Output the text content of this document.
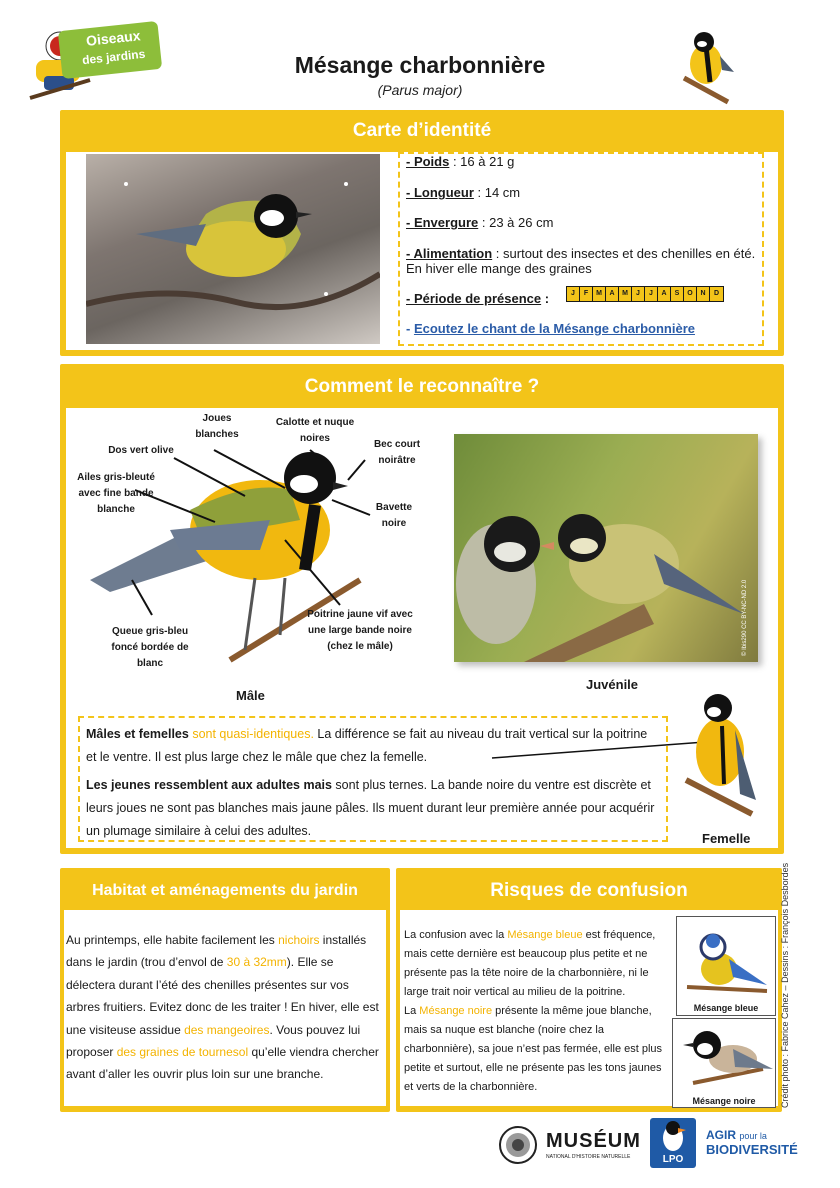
Oiseaux
des jardins	Mésange charbonnière
(Parus major)
Carte d’identité
- Poids : 16 à 21 g
- Longueur : 14 cm
- Envergure : 23 à 26 cm
- Alimentation : surtout des insectes et des chenilles en été. En hiver elle mange des graines
- Période de présence :	J	F	M	A	M	J	J	A	S	O	N	D
- Ecoutez le chant de la Mésange charbonnière
Comment le reconnaître ?
Joues blanches
Calotte et nuque noires
Bec court noirâtre
Dos vert olive
Ailes gris-bleuté avec fine bande blanche	Bavette noire
Poitrine jaune vif avec une large bande noire (chez le mâle)
Queue gris-bleu foncé bordée de blanc
Mâle
© Ibis290 CC BY-NC-ND 2.0
Juvénile
Mâles et femelles sont quasi-identiques. La différence se fait au niveau du trait vertical sur la poitrine et le ventre. Il est plus large chez le mâle que chez la femelle.
Les jeunes ressemblent aux adultes mais sont plus ternes. La bande noire du ventre est discrète et leurs joues ne sont pas blanches mais jaune pâles. Ils muent durant leur première année pour acquérir un plumage similaire à celui des adultes.	Femelle
Habitat et aménagements du jardin
Au printemps, elle habite facilement les nichoirs installés dans le jardin (trou d’envol de 30 à 32mm). Elle se délectera durant l’été des chenilles présentes sur vos arbres fruitiers. Evitez donc de les traiter ! En hiver, elle est une visiteuse assidue des mangeoires. Vous pouvez lui proposer des graines de tournesol qu’elle viendra chercher avant d’aller les ouvrir plus loin sur une branche.
Risques de confusion
La confusion avec la Mésange bleue est fréquence, mais cette dernière est beaucoup plus petite et ne présente pas la tête noire de la charbonnière, ni le large trait noir vertical au milieu de la poitrine.
La Mésange noire présente la même joue blanche, mais sa nuque est blanche (noire chez la charbonnière), sa joue n’est pas fermée, elle est plus petite et surtout, elle ne présente pas les tons jaunes et verts de la charbonnière.
Mésange bleue
Mésange noire	Crédit photo : Fabrice Cahez – Dessins : François Desbordes
MUSÉUM
NATIONAL D'HISTOIRE NATURELLE	LPO
AGIR pour la
BIODIVERSITÉ
